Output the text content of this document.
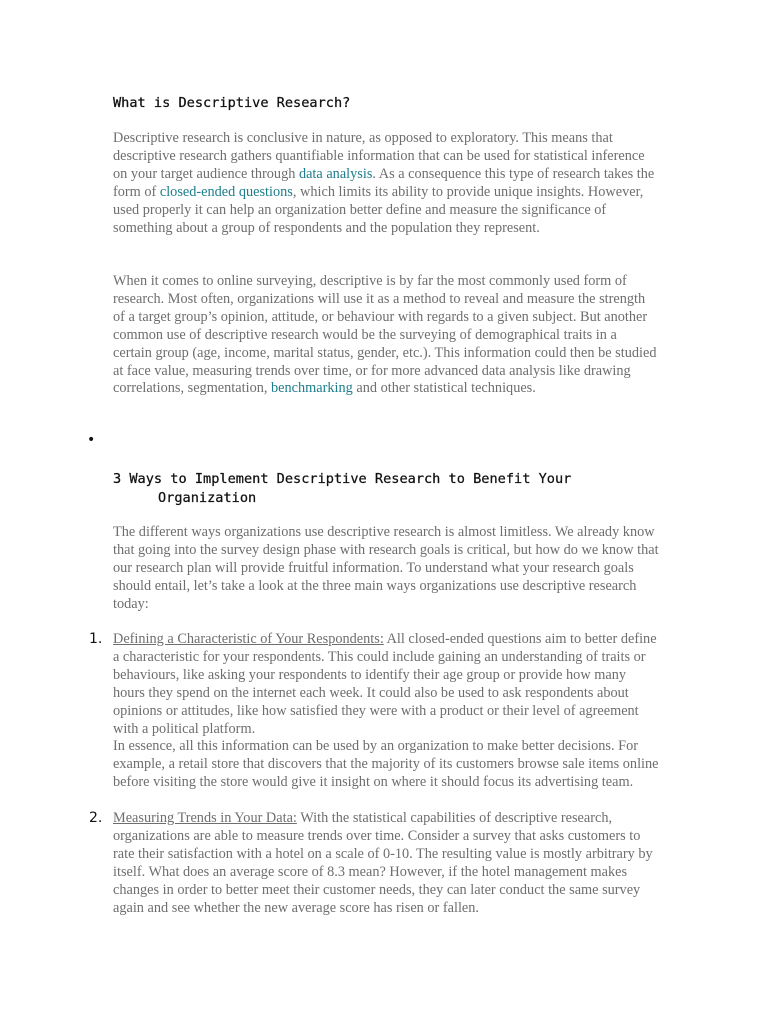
What is Descriptive Research?

Descriptive research is conclusive in nature, as opposed to exploratory. This means that descriptive research gathers quantifiable information that can be used for statistical inference on your target audience through data analysis. As a consequence this type of research takes the form of closed-ended questions, which limits its ability to provide unique insights. However, used properly it can help an organization better define and measure the significance of something about a group of respondents and the population they represent.

When it comes to online surveying, descriptive is by far the most commonly used form of research. Most often, organizations will use it as a method to reveal and measure the strength of a target group’s opinion, attitude, or behaviour with regards to a given subject. But another common use of descriptive research would be the surveying of demographical traits in a certain group (age, income, marital status, gender, etc.). This information could then be studied at face value, measuring trends over time, or for more advanced data analysis like drawing correlations, segmentation, benchmarking and other statistical techniques.

•
3 Ways to Implement Descriptive Research to Benefit Your
Organization

The different ways organizations use descriptive research is almost limitless. We already know that going into the survey design phase with research goals is critical, but how do we know that our research plan will provide fruitful information. To understand what your research goals should entail, let’s take a look at the three main ways organizations use descriptive research today:

1. Defining a Characteristic of Your Respondents: All closed-ended questions aim to better define a characteristic for your respondents. This could include gaining an understanding of traits or behaviours, like asking your respondents to identify their age group or provide how many hours they spend on the internet each week. It could also be used to ask respondents about opinions or attitudes, like how satisfied they were with a product or their level of agreement with a political platform.
In essence, all this information can be used by an organization to make better decisions. For example, a retail store that discovers that the majority of its customers browse sale items online before visiting the store would give it insight on where it should focus its advertising team.
2. Measuring Trends in Your Data: With the statistical capabilities of descriptive research, organizations are able to measure trends over time. Consider a survey that asks customers to rate their satisfaction with a hotel on a scale of 0-10. The resulting value is mostly arbitrary by itself. What does an average score of 8.3 mean? However, if the hotel management makes changes in order to better meet their customer needs, they can later conduct the same survey again and see whether the new average score has risen or fallen.
